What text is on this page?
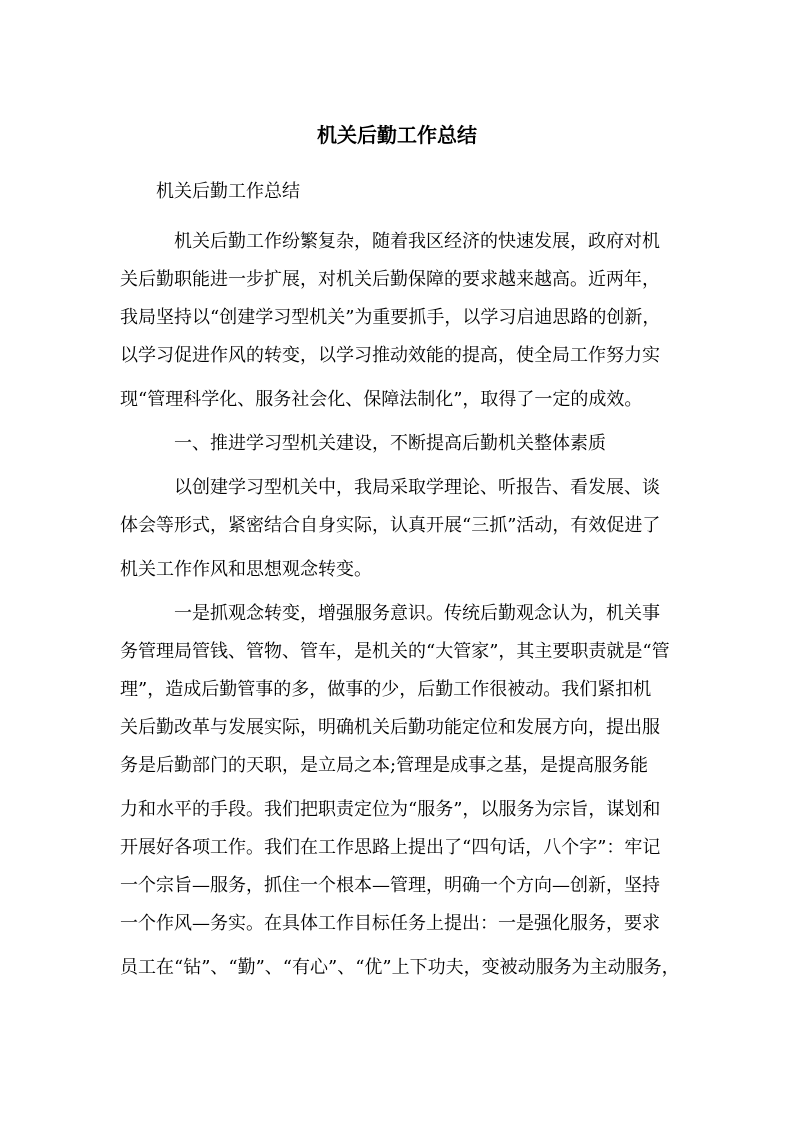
机关后勤工作总结

机关后勤工作总结

机关后勤工作纷繁复杂，随着我区经济的快速发展，政府对机

关后勤职能进一步扩展，对机关后勤保障的要求越来越高。近两年，

我局坚持以“创建学习型机关”为重要抓手，以学习启迪思路的创新，

以学习促进作风的转变，以学习推动效能的提高，使全局工作努力实

现“管理科学化、服务社会化、保障法制化”，取得了一定的成效。

一、推进学习型机关建设，不断提高后勤机关整体素质

以创建学习型机关中，我局采取学理论、听报告、看发展、谈

体会等形式，紧密结合自身实际，认真开展“三抓”活动，有效促进了

机关工作作风和思想观念转变。

一是抓观念转变，增强服务意识。传统后勤观念认为，机关事

务管理局管钱、管物、管车，是机关的“大管家”，其主要职责就是“管

理”，造成后勤管事的多，做事的少，后勤工作很被动。我们紧扣机

关后勤改革与发展实际，明确机关后勤功能定位和发展方向，提出服

务是后勤部门的天职，是立局之本;管理是成事之基，是提高服务能

力和水平的手段。我们把职责定位为“服务”，以服务为宗旨，谋划和

开展好各项工作。我们在工作思路上提出了“四句话，八个字”：牢记

一个宗旨—服务，抓住一个根本—管理，明确一个方向—创新，坚持

一个作风—务实。在具体工作目标任务上提出：一是强化服务，要求

员工在“钻”、“勤”、“有心”、“优”上下功夫，变被动服务为主动服务，
